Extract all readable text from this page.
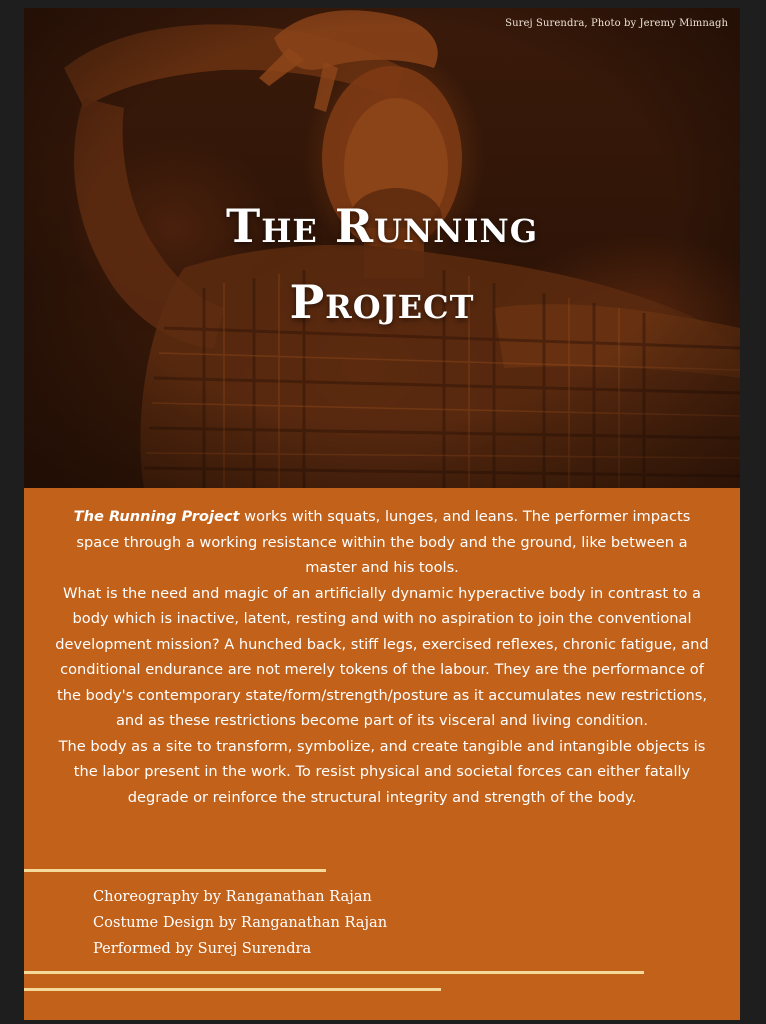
Surej Surendra, Photo by Jeremy Mimnagh
The Running
Project

The Running Project works with squats, lunges, and leans. The performer impacts space through a working resistance within the body and the ground, like between a master and his tools.

What is the need and magic of an artificially dynamic hyperactive body in contrast to a body which is inactive, latent, resting and with no aspiration to join the conventional development mission? A hunched back, stiff legs, exercised reflexes, chronic fatigue, and conditional endurance are not merely tokens of the labour. They are the performance of the body's contemporary state/form/strength/posture as it accumulates new restrictions, and as these restrictions become part of its visceral and living condition.

The body as a site to transform, symbolize, and create tangible and intangible objects is the labor present in the work. To resist physical and societal forces can either fatally degrade or reinforce the structural integrity and strength of the body.

Choreography by Ranganathan Rajan
Costume Design by Ranganathan Rajan
Performed by Surej Surendra
